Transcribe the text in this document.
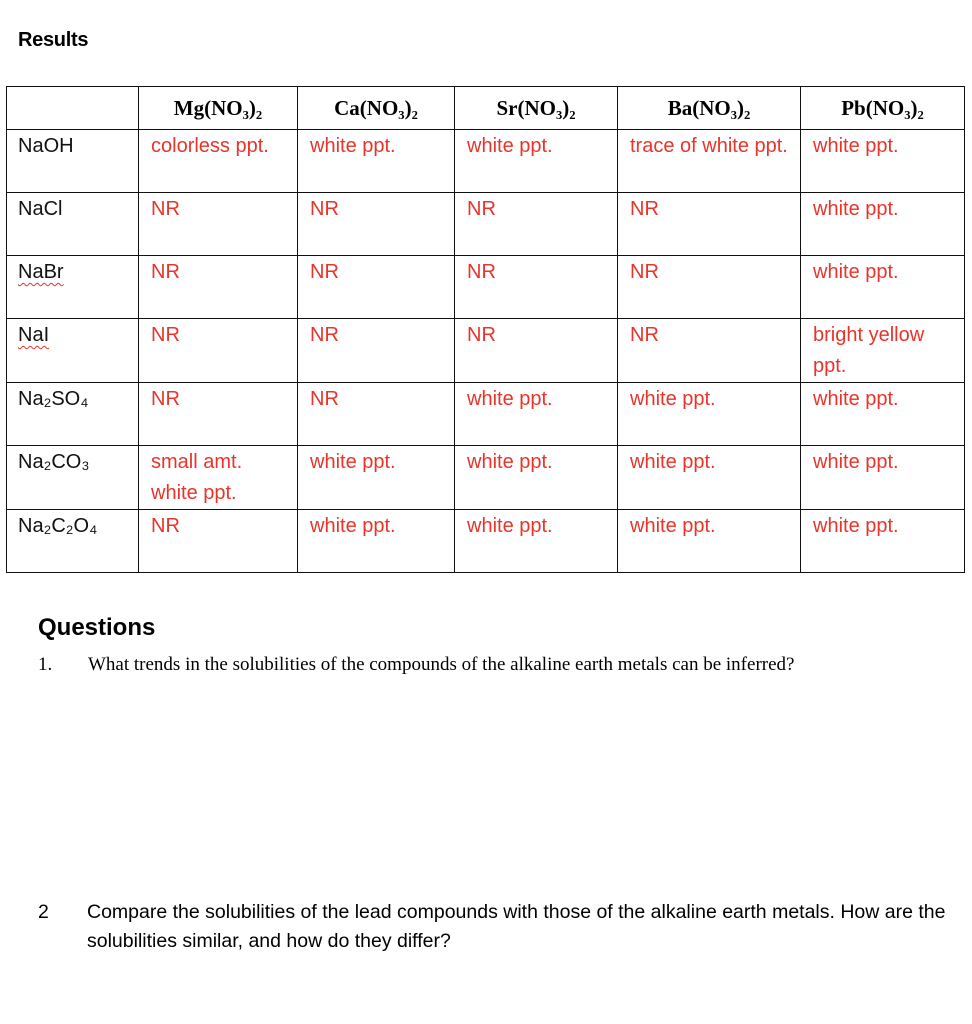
Results
	Mg(NO₃)₂	Ca(NO₃)₂	Sr(NO₃)₂	Ba(NO₃)₂	Pb(NO₃)₂
NaOH	colorless ppt.	white ppt.	white ppt.	trace of white ppt.	white ppt.
NaCl	NR	NR	NR	NR	white ppt.
NaBr	NR	NR	NR	NR	white ppt.
NaI	NR	NR	NR	NR	bright yellow ppt.
Na₂SO₄	NR	NR	white ppt.	white ppt.	white ppt.
Na₂CO₃	small amt. white ppt.	white ppt.	white ppt.	white ppt.	white ppt.
Na₂C₂O₄	NR	white ppt.	white ppt.	white ppt.	white ppt.
Questions
1. What trends in the solubilities of the compounds of the alkaline earth metals can be inferred?
2 Compare the solubilities of the lead compounds with those of the alkaline earth metals. How are the solubilities similar, and how do they differ?
